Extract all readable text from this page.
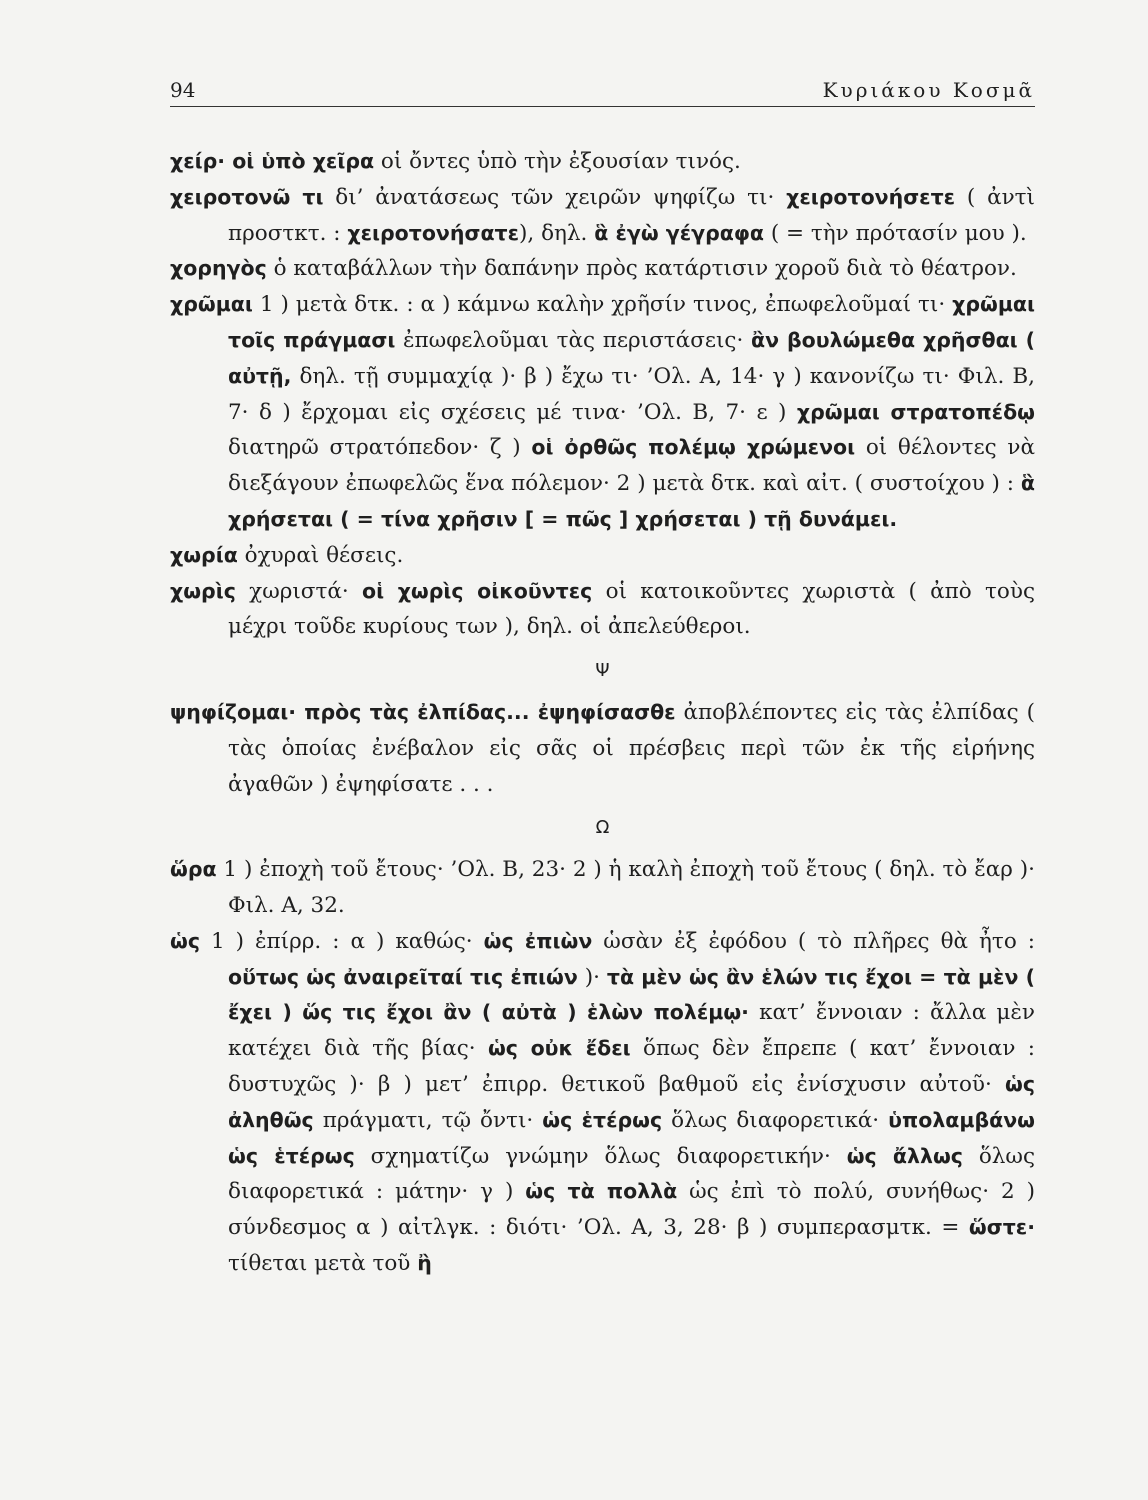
94	Κυριάκου Κοσμᾶ

χείρ· οἱ ὑπὸ χεῖρα οἱ ὄντες ὑπὸ τὴν ἐξουσίαν τινός.

χειροτονῶ τι δι’ ἀνατάσεως τῶν χειρῶν ψηφίζω τι· χειροτονήσετε ( ἀντὶ προστκτ. : χειροτονήσατε), δηλ. ἃ ἐγὼ γέγραφα ( = τὴν πρότασίν μου ).

χορηγὸς ὁ καταβάλλων τὴν δαπάνην πρὸς κατάρτισιν χοροῦ διὰ τὸ θέατρον.

χρῶμαι 1 ) μετὰ δτκ. : α ) κάμνω καλὴν χρῆσίν τινος, ἐπωφελοῦμαί τι· χρῶμαι τοῖς πράγμασι ἐπωφελοῦμαι τὰς περιστάσεις· ἂν βουλώμεθα χρῆσθαι ( αὐτῇ, δηλ. τῇ συμμαχίᾳ )· β ) ἔχω τι· ’Ολ. Α, 14· γ ) κανονίζω τι· Φιλ. Β, 7· δ ) ἔρχομαι εἰς σχέσεις μέ τινα· ’Ολ. Β, 7· ε ) χρῶμαι στρατοπέδῳ διατηρῶ στρατόπεδον· ζ ) οἱ ὀρθῶς πολέμῳ χρώμενοι οἱ θέλοντες νὰ διεξάγουν ἐπωφελῶς ἕνα πόλεμον· 2 ) μετὰ δτκ. καὶ αἰτ. ( συστοίχου ) : ἃ χρήσεται ( = τίνα χρῆσιν [ = πῶς ] χρήσεται ) τῇ δυνάμει.

χωρία ὀχυραὶ θέσεις.

χωρὶς χωριστά· οἱ χωρὶς οἰκοῦντες οἱ κατοικοῦντες χωριστὰ ( ἀπὸ τοὺς μέχρι τοῦδε κυρίους των ), δηλ. οἱ ἀπελεύθεροι.

Ψ

ψηφίζομαι· πρὸς τὰς ἐλπίδας... ἐψηφίσασθε ἀποβλέποντες εἰς τὰς ἐλπίδας ( τὰς ὁποίας ἐνέβαλον εἰς σᾶς οἱ πρέσβεις περὶ τῶν ἐκ τῆς εἰρήνης ἀγαθῶν ) ἐψηφίσατε . . .

Ω

ὥρα 1 ) ἐποχὴ τοῦ ἔτους· ’Ολ. Β, 23· 2 ) ἡ καλὴ ἐποχὴ τοῦ ἔτους ( δηλ. τὸ ἔαρ )· Φιλ. Α, 32.

ὡς 1 ) ἐπίρρ. : α ) καθώς· ὡς ἐπιὼν ὡσὰν ἐξ ἐφόδου ( τὸ πλῆρες θὰ ἦτο : οὕτως ὡς ἀναιρεῖταί τις ἐπιών )· τὰ μὲν ὡς ἂν ἑλών τις ἔχοι = τὰ μὲν ( ἔχει ) ὥς τις ἔχοι ἂν ( αὐτὰ ) ἑλὼν πολέμῳ· κατ’ ἔννοιαν : ἄλλα μὲν κατέχει διὰ τῆς βίας· ὡς οὐκ ἔδει ὅπως δὲν ἔπρεπε ( κατ’ ἔννοιαν : δυστυχῶς )· β ) μετ’ ἐπιρρ. θετικοῦ βαθμοῦ εἰς ἐνίσχυσιν αὐτοῦ· ὡς ἀληθῶς πράγματι, τῷ ὄντι· ὡς ἑτέρως ὅλως διαφορετικά· ὑπολαμβάνω ὡς ἑτέρως σχηματίζω γνώμην ὅλως διαφορετικήν· ὡς ἄλλως ὅλως διαφορετικά : μάτην· γ ) ὡς τὰ πολλὰ ὡς ἐπὶ τὸ πολύ, συνήθως· 2 ) σύνδεσμος α ) αἰτλγκ. : διότι· ’Ολ. Α, 3, 28· β ) συμπερασμτκ. = ὥστε· τίθεται μετὰ τοῦ ἢ
